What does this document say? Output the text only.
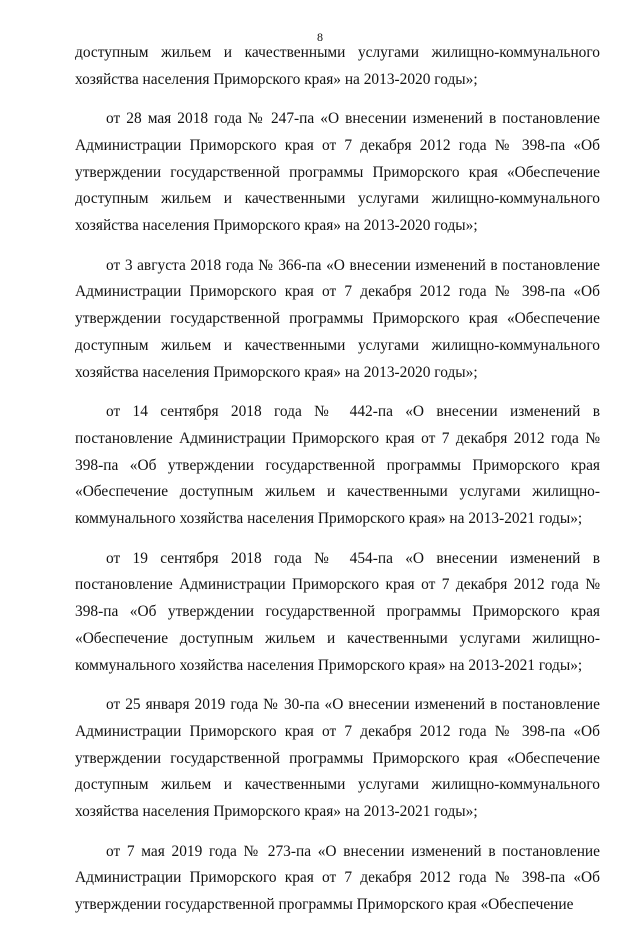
8

доступным жильем и качественными услугами жилищно-коммунального хозяйства населения Приморского края» на 2013-2020 годы»;

от 28 мая 2018 года № 247-па «О внесении изменений в постановление Администрации Приморского края от 7 декабря 2012 года № 398-па «Об утверждении государственной программы Приморского края «Обеспечение доступным жильем и качественными услугами жилищно-коммунального хозяйства населения Приморского края» на 2013-2020 годы»;

от 3 августа 2018 года № 366-па «О внесении изменений в постановление Администрации Приморского края от 7 декабря 2012 года № 398-па «Об утверждении государственной программы Приморского края «Обеспечение доступным жильем и качественными услугами жилищно-коммунального хозяйства населения Приморского края» на 2013-2020 годы»;

от 14 сентября 2018 года № 442-па «О внесении изменений в постановление Администрации Приморского края от 7 декабря 2012 года № 398-па «Об утверждении государственной программы Приморского края «Обеспечение доступным жильем и качественными услугами жилищно-коммунального хозяйства населения Приморского края» на 2013-2021 годы»;

от 19 сентября 2018 года № 454-па «О внесении изменений в постановление Администрации Приморского края от 7 декабря 2012 года № 398-па «Об утверждении государственной программы Приморского края «Обеспечение доступным жильем и качественными услугами жилищно-коммунального хозяйства населения Приморского края» на 2013-2021 годы»;

от 25 января 2019 года № 30-па «О внесении изменений в постановление Администрации Приморского края от 7 декабря 2012 года № 398-па «Об утверждении государственной программы Приморского края «Обеспечение доступным жильем и качественными услугами жилищно-коммунального хозяйства населения Приморского края» на 2013-2021 годы»;

от 7 мая 2019 года № 273-па «О внесении изменений в постановление Администрации Приморского края от 7 декабря 2012 года № 398-па «Об утверждении государственной программы Приморского края «Обеспечение
